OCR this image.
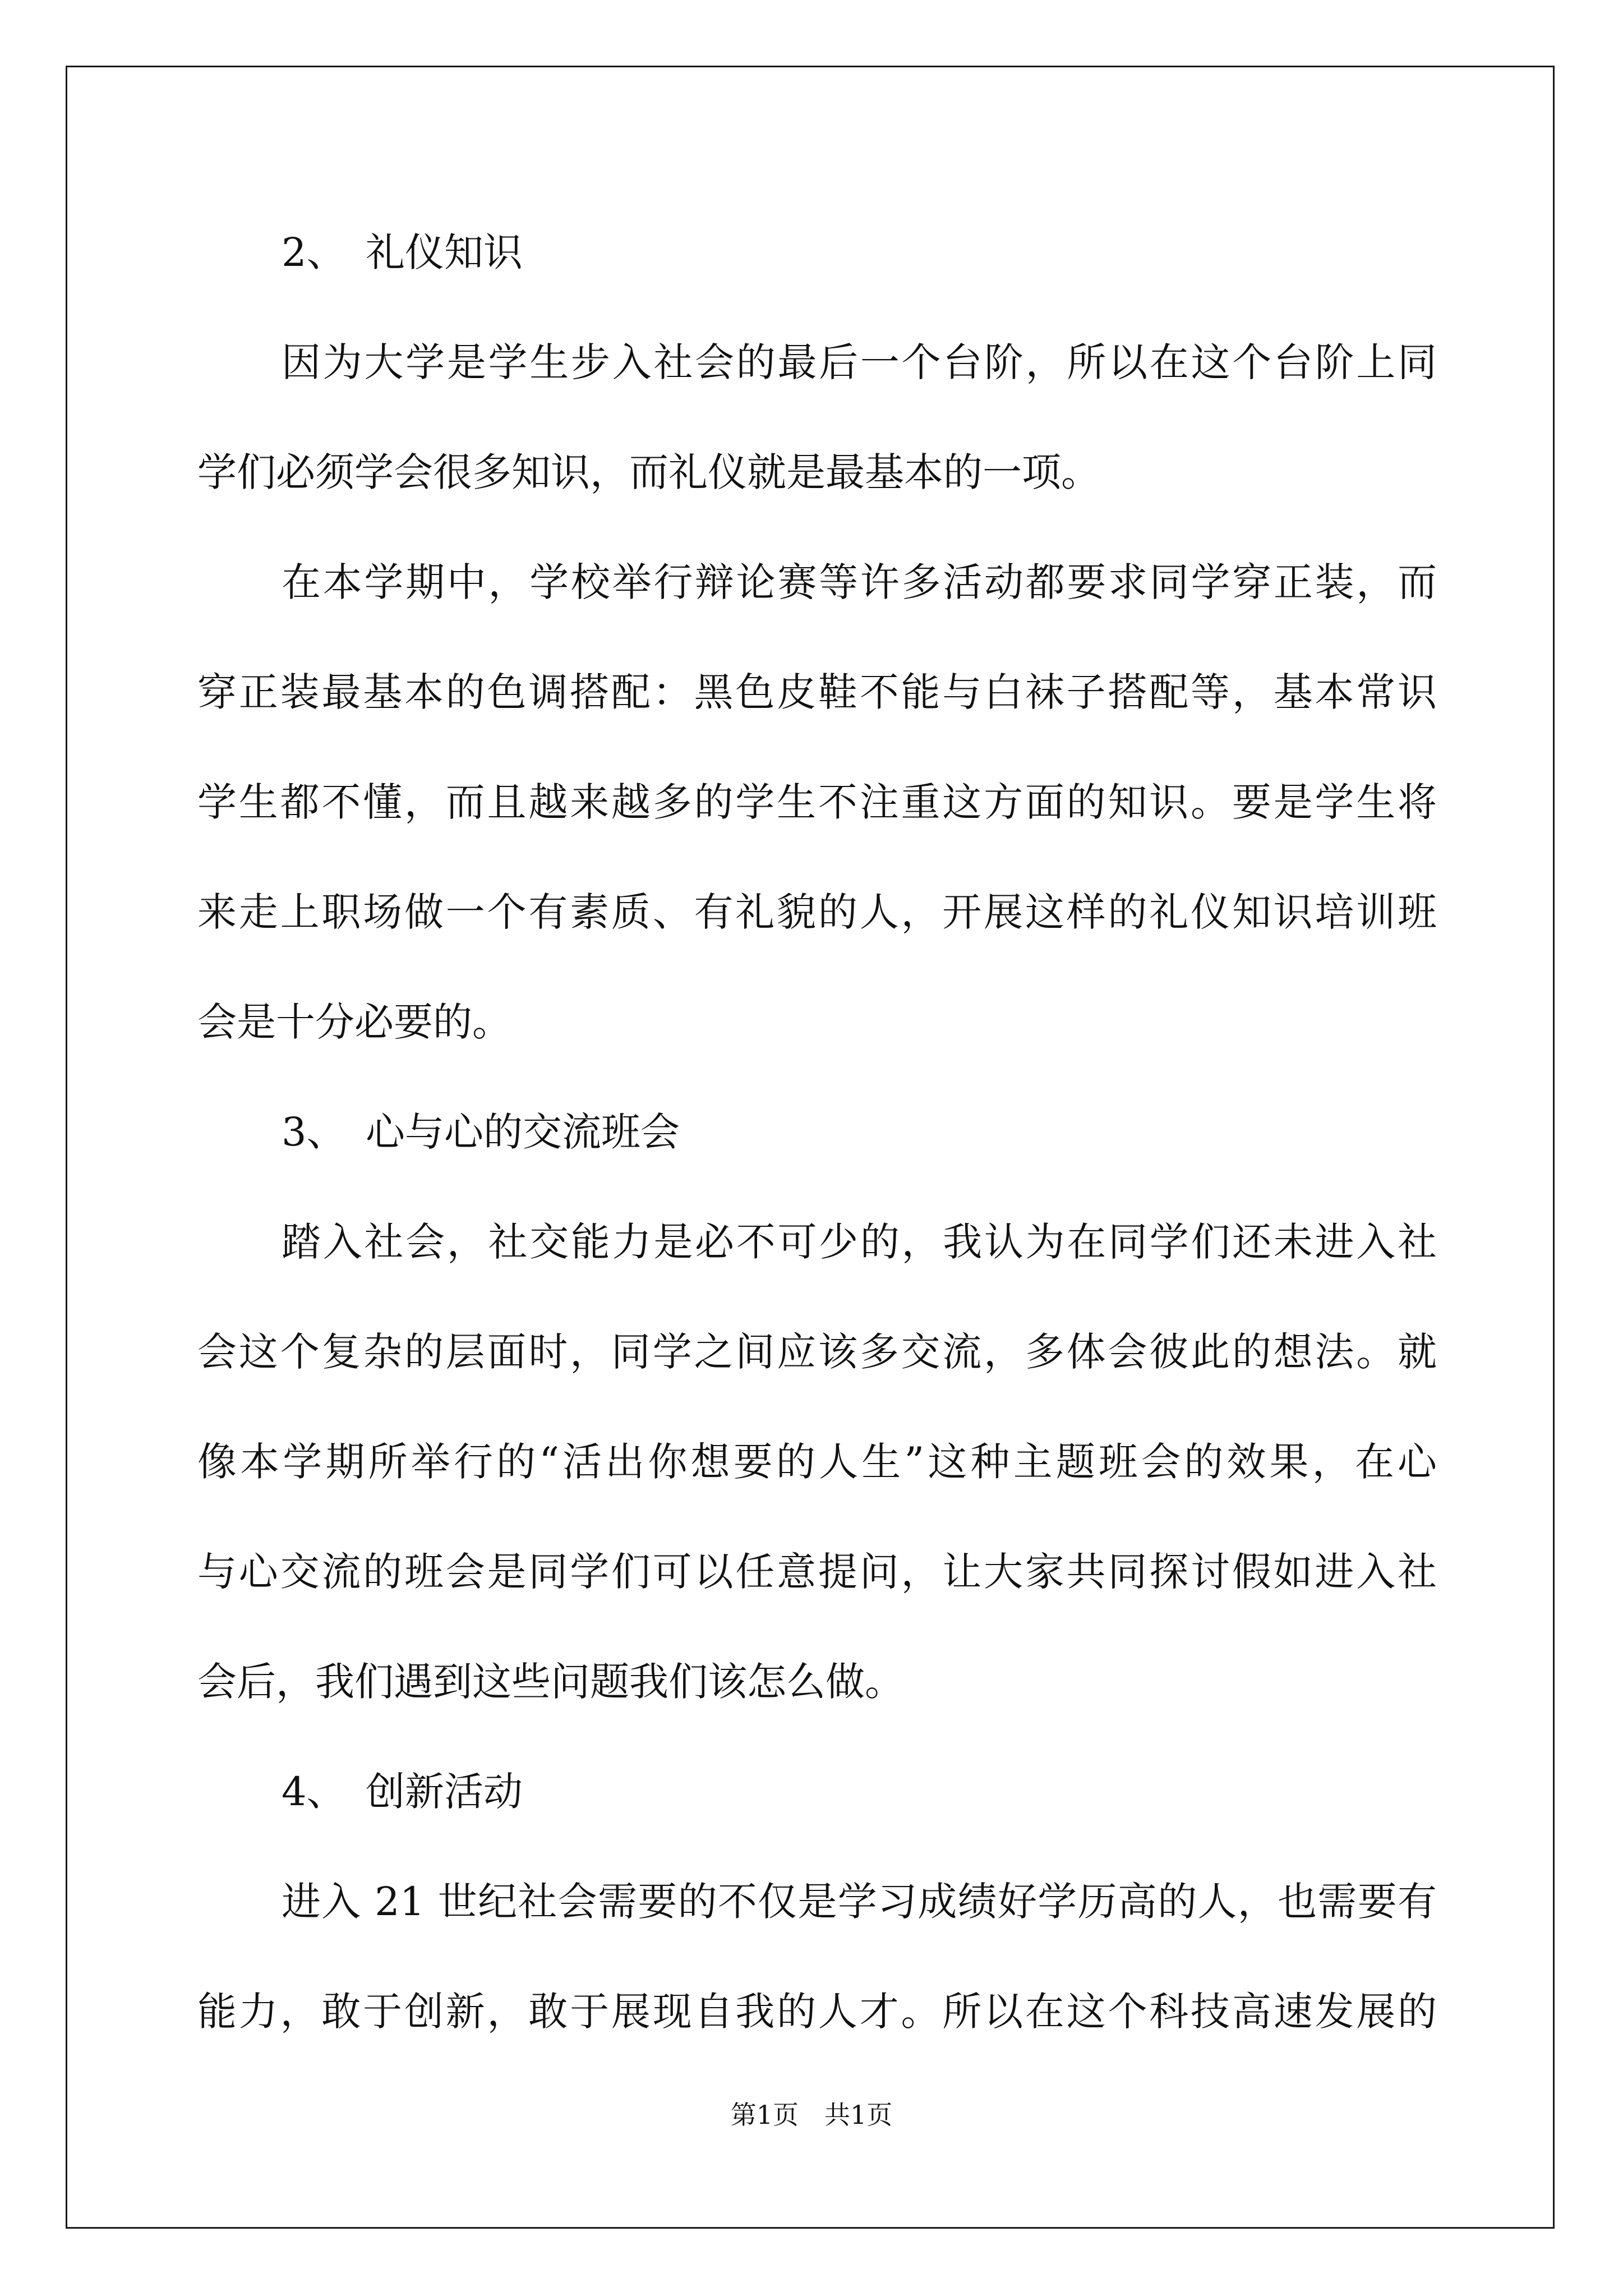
2、 礼仪知识
因为大学是学生步入社会的最后一个台阶，所以在这个台阶上同
学们必须学会很多知识，而礼仪就是最基本的一项。
在本学期中，学校举行辩论赛等许多活动都要求同学穿正装，而
穿正装最基本的色调搭配：黑色皮鞋不能与白袜子搭配等，基本常识
学生都不懂，而且越来越多的学生不注重这方面的知识。要是学生将
来走上职场做一个有素质、有礼貌的人，开展这样的礼仪知识培训班
会是十分必要的。
3、 心与心的交流班会
踏入社会，社交能力是必不可少的，我认为在同学们还未进入社
会这个复杂的层面时，同学之间应该多交流，多体会彼此的想法。就
像本学期所举行的“活出你想要的人生”这种主题班会的效果，在心
与心交流的班会是同学们可以任意提问，让大家共同探讨假如进入社
会后，我们遇到这些问题我们该怎么做。
4、 创新活动
进入 21 世纪社会需要的不仅是学习成绩好学历高的人，也需要有
能力，敢于创新，敢于展现自我的人才。所以在这个科技高速发展的
第1页 共1页
